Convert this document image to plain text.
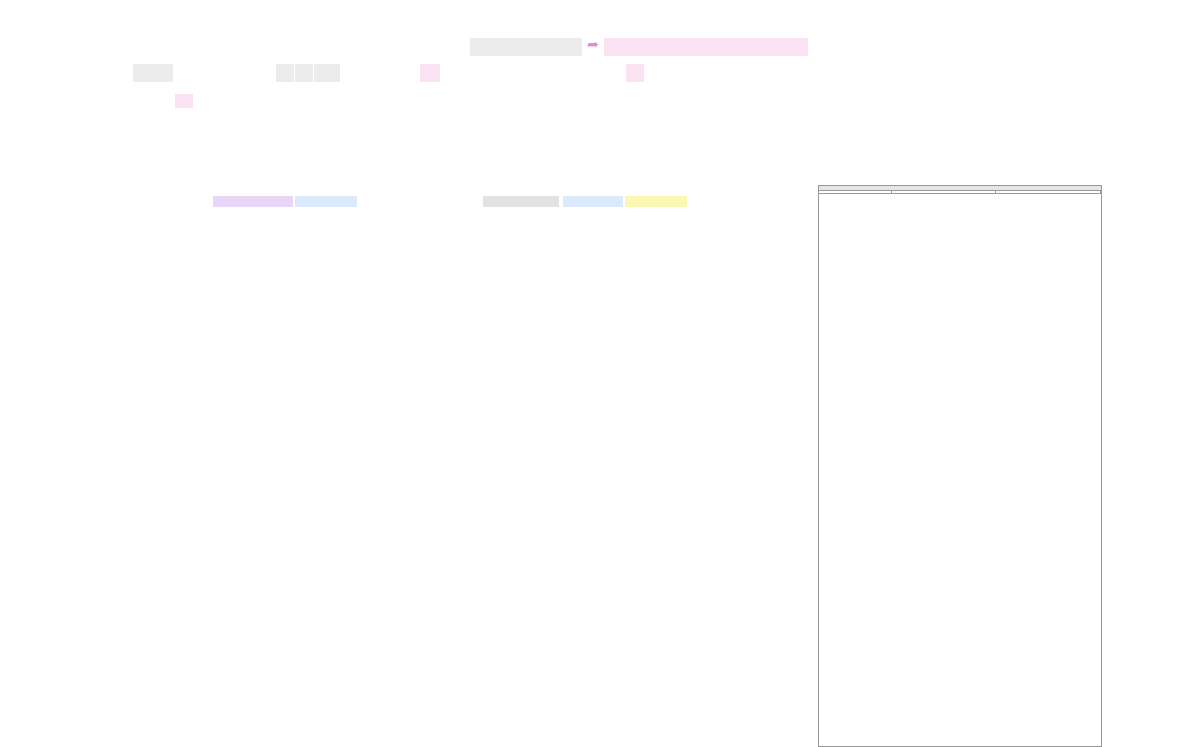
➦
